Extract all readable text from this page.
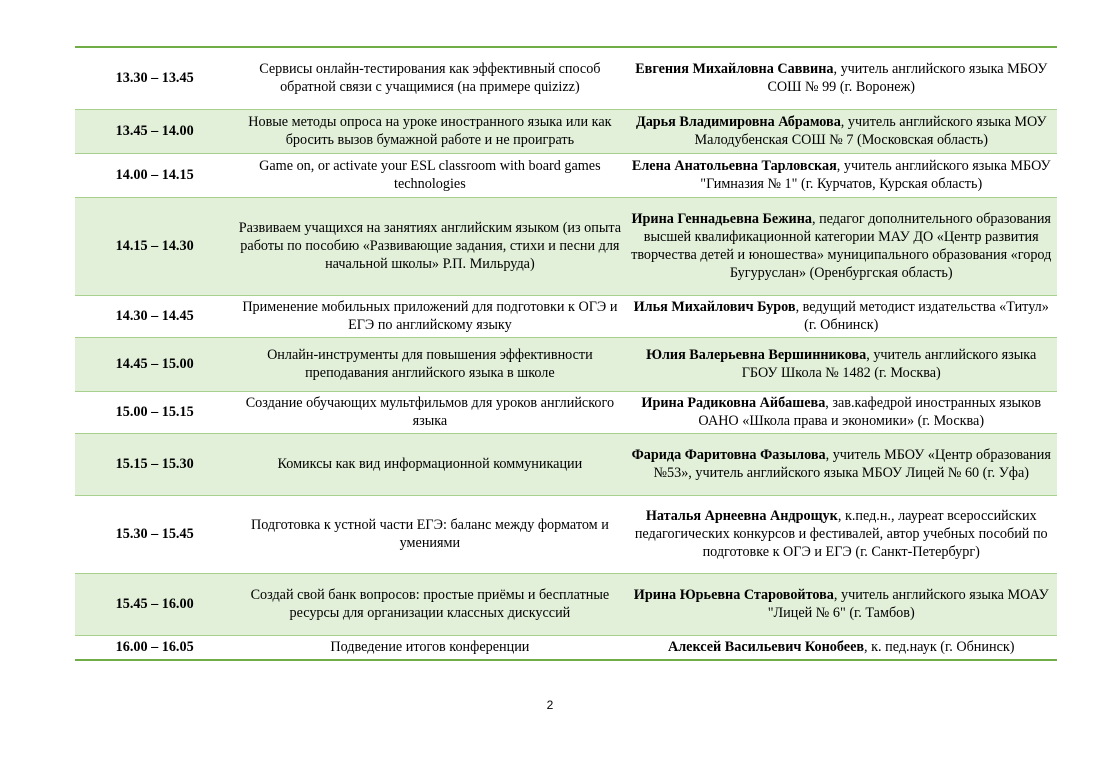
13.30 – 13.45	Сервисы онлайн-тестирования как эффективный способ обратной связи с учащимися (на примере quizizz)	Евгения Михайловна Саввина, учитель английского языка МБОУ СОШ № 99 (г. Воронеж)
13.45 – 14.00	Новые методы опроса на уроке иностранного языка или как бросить вызов бумажной работе и не проиграть	Дарья Владимировна Абрамова, учитель английского языка МОУ Малодубенская СОШ № 7 (Московская область)
14.00 – 14.15	Game on, or activate your ESL classroom with board games technologies	Елена Анатольевна Тарловская, учитель английского языка МБОУ "Гимназия № 1" (г. Курчатов, Курская область)
14.15 – 14.30	Развиваем учащихся на занятиях английским языком (из опыта работы по пособию «Развивающие задания, стихи и песни для начальной школы» Р.П. Мильруда)	Ирина Геннадьевна Бежина, педагог дополнительного образования высшей квалификационной категории МАУ ДО «Центр развития творчества детей и юношества» муниципального образования «город Бугуруслан» (Оренбургская область)
14.30 – 14.45	Применение мобильных приложений для подготовки к ОГЭ и ЕГЭ по английскому языку	Илья Михайлович Буров, ведущий методист издательства «Титул» (г. Обнинск)
14.45 – 15.00	Онлайн-инструменты для повышения эффективности преподавания английского языка в школе	Юлия Валерьевна Вершинникова, учитель английского языка ГБОУ Школа № 1482 (г. Москва)
15.00 – 15.15	Создание обучающих мультфильмов для уроков английского языка	Ирина Радиковна Айбашева, зав.кафедрой иностранных языков ОАНО «Школа права и экономики» (г. Москва)
15.15 – 15.30	Комиксы как вид информационной коммуникации	Фарида Фаритовна Фазылова, учитель МБОУ «Центр образования №53», учитель английского языка МБОУ Лицей № 60 (г. Уфа)
15.30 – 15.45	Подготовка к устной части ЕГЭ: баланс между форматом и умениями	Наталья Арнеевна Андрощук, к.пед.н., лауреат всероссийских педагогических конкурсов и фестивалей, автор учебных пособий по подготовке к ОГЭ и ЕГЭ (г. Санкт-Петербург)
15.45 – 16.00	Создай свой банк вопросов: простые приёмы и бесплатные ресурсы для организации классных дискуссий	Ирина Юрьевна Старовойтова, учитель английского языка МОАУ "Лицей № 6" (г. Тамбов)
16.00 – 16.05	Подведение итогов конференции	Алексей Васильевич Конобеев, к. пед.наук (г. Обнинск)
2
